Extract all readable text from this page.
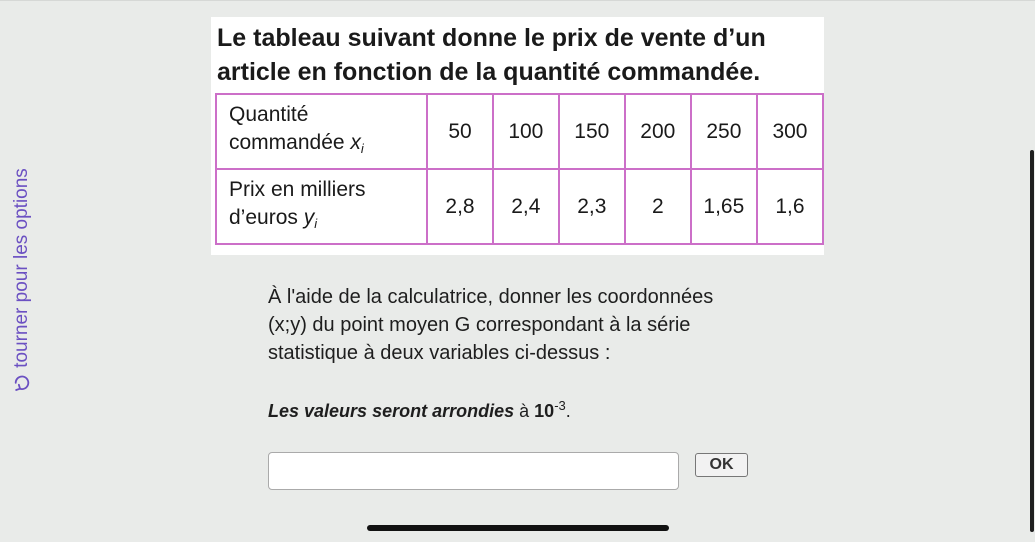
tourner pour les options
Le tableau suivant donne le prix de vente d’un
article en fonction de la quantité commandée.
Quantité
commandée $x_i$	50	100	150	200	250	300
Prix en milliers
d’euros $y_i$	2,8	2,4	2,3	2	1,65	1,6
À l'aide de la calculatrice, donner les coordonnées
(x;y) du point moyen G correspondant à la série
statistique à deux variables ci-dessus :
Les valeurs seront arrondies à $10^{-3}$.
OK
